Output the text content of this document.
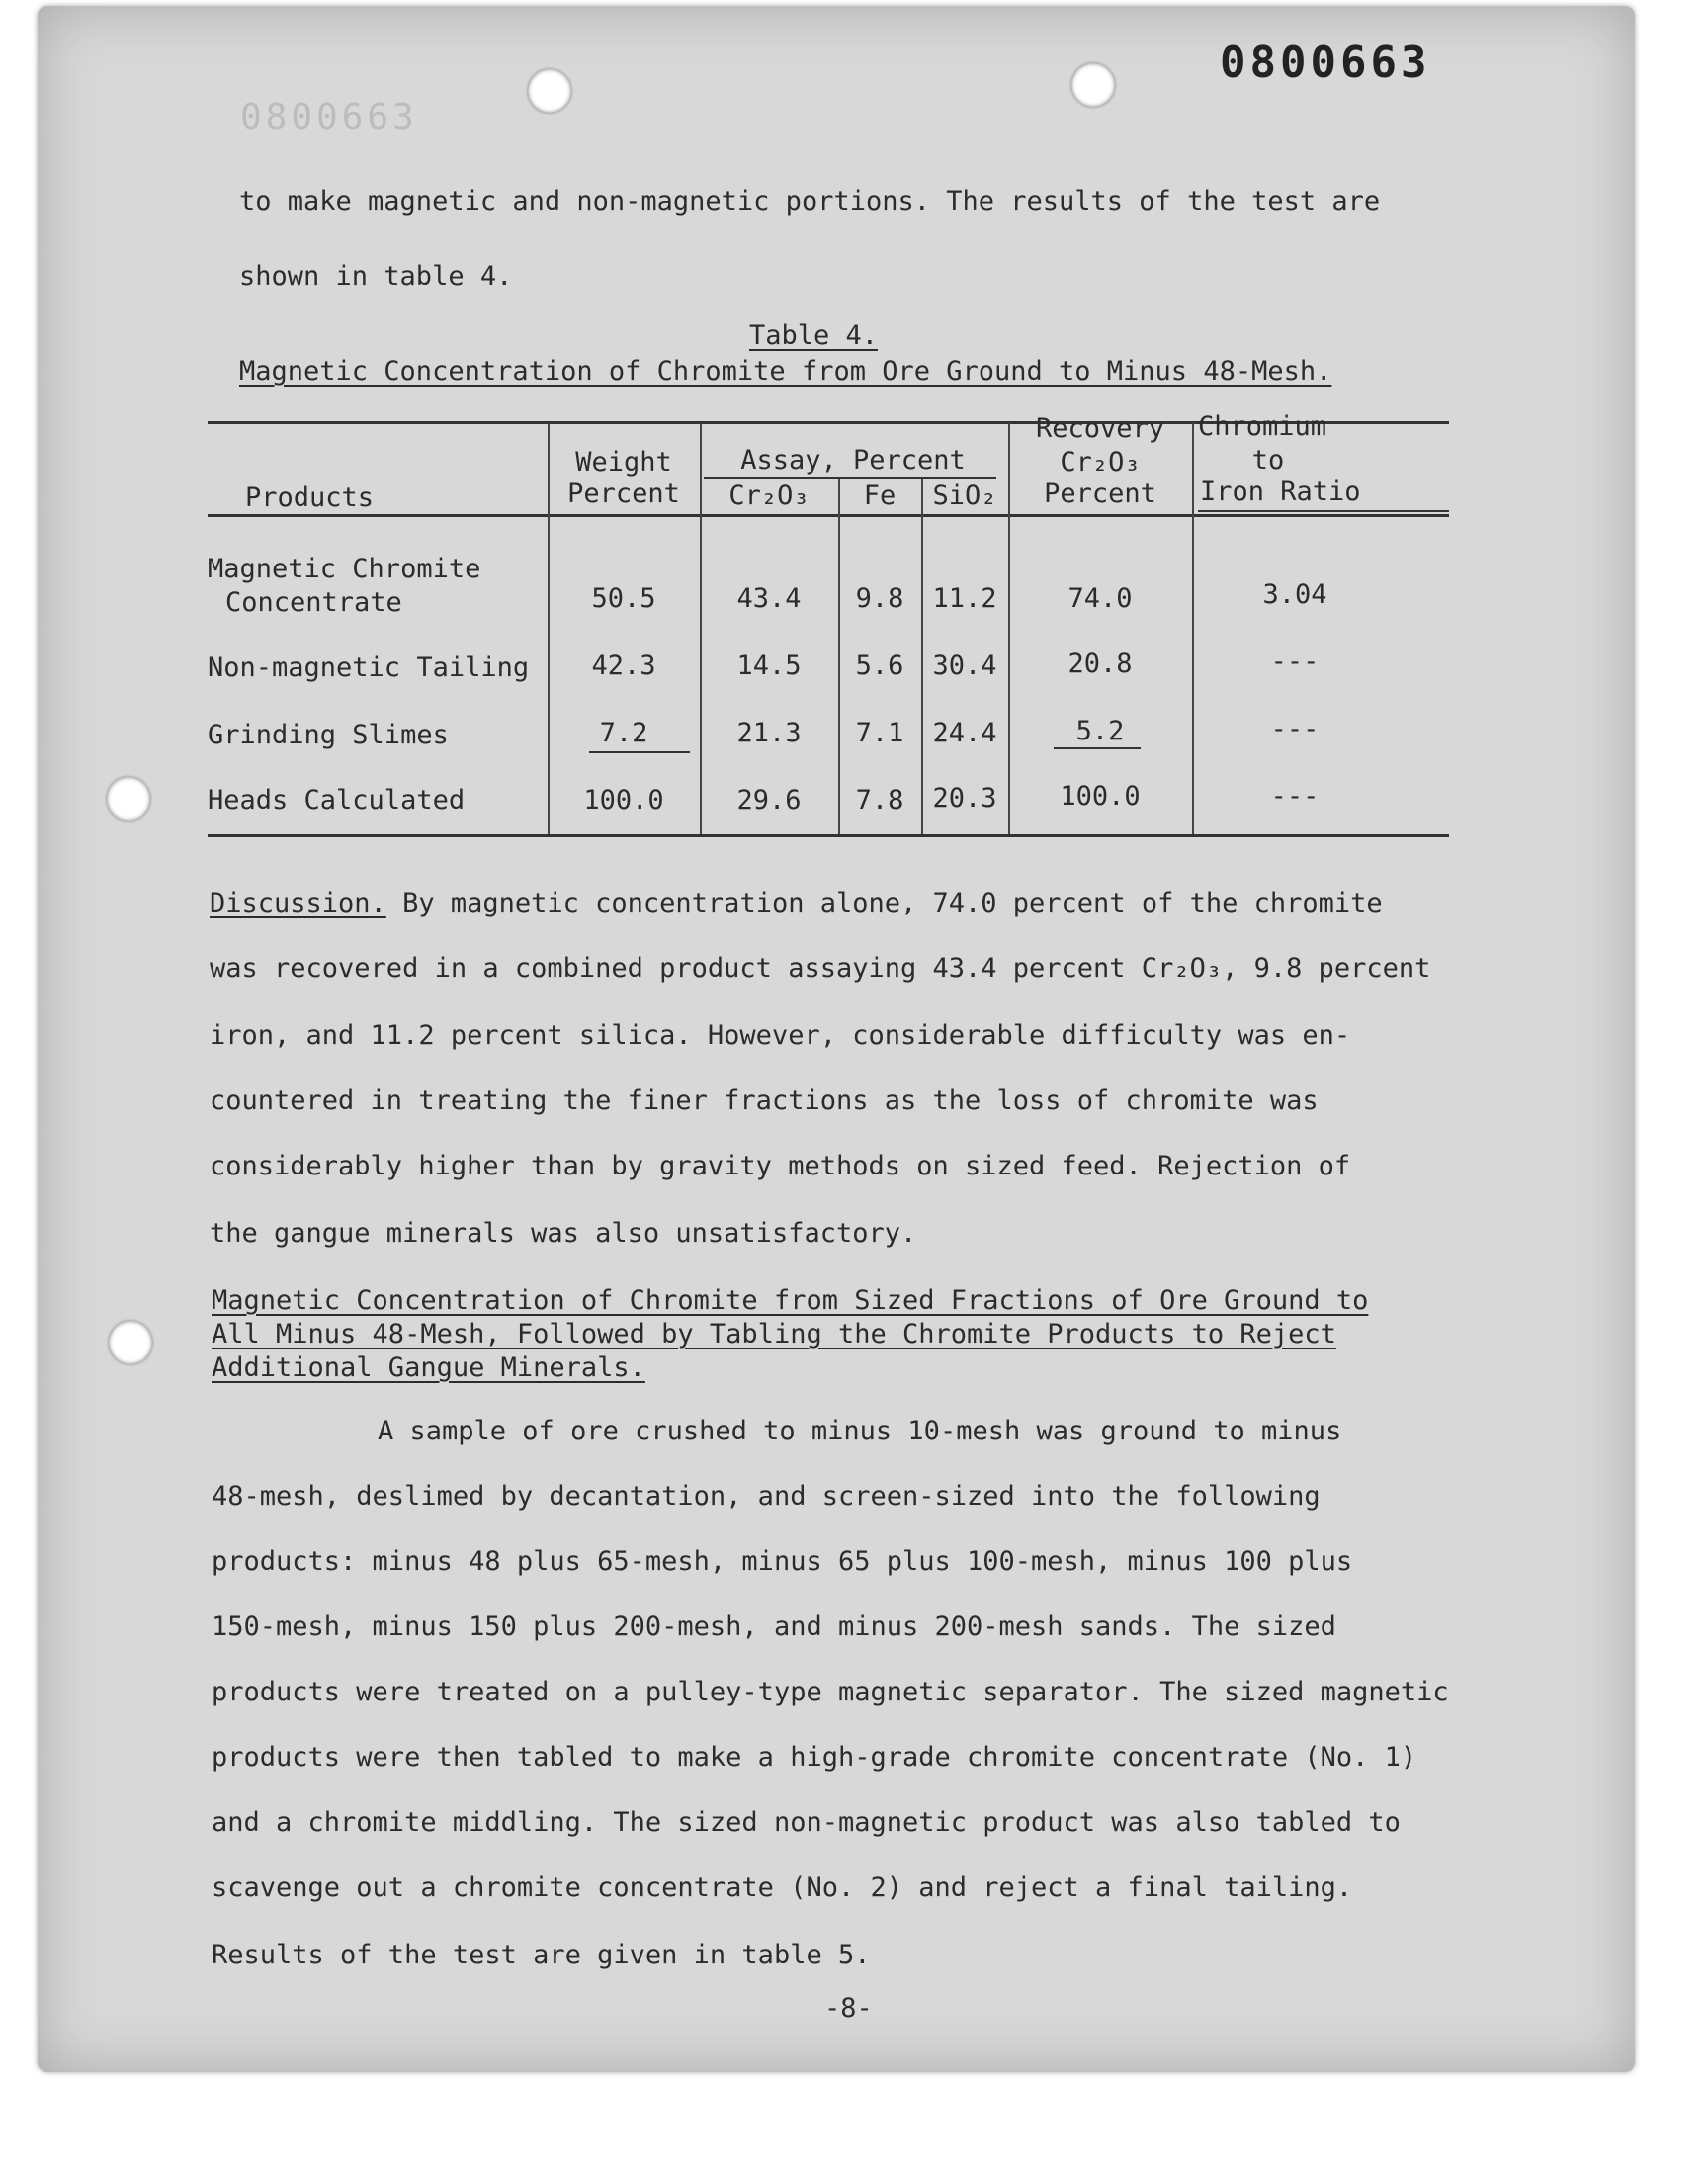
0800663
0800663
to make magnetic and non-magnetic portions. The results of the test are
shown in table 4.
Table 4.
Magnetic Concentration of Chromite from Ore Ground to Minus 48-Mesh.
Products
Weight
Percent
Assay, Percent
Cr₂O₃	Fe	SiO₂
Recovery
Cr₂O₃
Percent
Chromium
to
Iron Ratio
Magnetic Chromite
Concentrate	50.5	43.4	9.8	11.2	74.0	3.04
Non-magnetic Tailing	42.3	14.5	5.6	30.4	20.8	---
Grinding Slimes	7.2	21.3	7.1	24.4	5.2	---
Heads Calculated	100.0	29.6	7.8	20.3	100.0	---
Discussion. By magnetic concentration alone, 74.0 percent of the chromite
was recovered in a combined product assaying 43.4 percent Cr₂O₃, 9.8 percent
iron, and 11.2 percent silica. However, considerable difficulty was en-
countered in treating the finer fractions as the loss of chromite was
considerably higher than by gravity methods on sized feed. Rejection of
the gangue minerals was also unsatisfactory.
Magnetic Concentration of Chromite from Sized Fractions of Ore Ground to
All Minus 48-Mesh, Followed by Tabling the Chromite Products to Reject
Additional Gangue Minerals.
A sample of ore crushed to minus 10-mesh was ground to minus
48-mesh, deslimed by decantation, and screen-sized into the following
products: minus 48 plus 65-mesh, minus 65 plus 100-mesh, minus 100 plus
150-mesh, minus 150 plus 200-mesh, and minus 200-mesh sands. The sized
products were treated on a pulley-type magnetic separator. The sized magnetic
products were then tabled to make a high-grade chromite concentrate (No. 1)
and a chromite middling. The sized non-magnetic product was also tabled to
scavenge out a chromite concentrate (No. 2) and reject a final tailing.
Results of the test are given in table 5.
-8-
